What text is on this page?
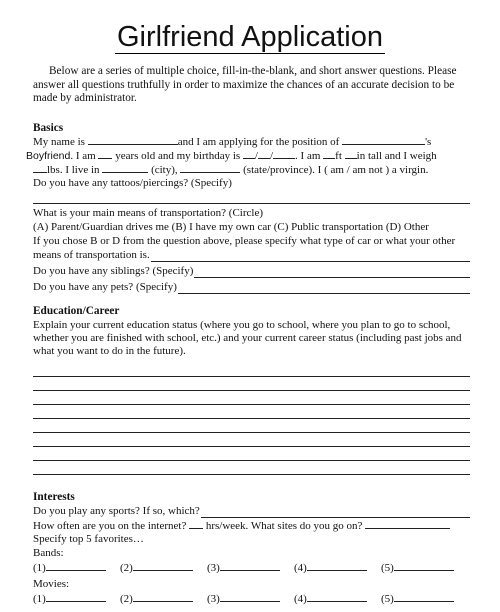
Girlfriend Application
Below are a series of multiple choice, fill-in-the-blank, and short answer questions. Please answer all questions truthfully in order to maximize the chances of an accurate decision to be made by administrator.
Basics
My name is	and I am applying for the position of	's
Boyfriend. I am years old and my birthday is / / . I am ft in tall and I weigh
lbs. I live in	(city),	(state/province). I ( am / am not ) a virgin.
Do you have any tattoos/piercings? (Specify)
What is your main means of transportation? (Circle)
(A) Parent/Guardian drives me (B) I have my own car (C) Public transportation (D) Other
If you chose B or D from the question above, please specify what type of car or what your other
means of transportation is.
Do you have any siblings? (Specify)
Do you have any pets? (Specify)
Education/Career
Explain your current education status (where you go to school, where you plan to go to school, whether you are finished with school, etc.) and your current career status (including past jobs and what you want to do in the future).
Interests
Do you play any sports? If so, which?
How often are you on the internet? hrs/week. What sites do you go on?
Specify top 5 favorites…
Bands:
(1)	(2)	(3)	(4)	(5)
Movies:
(1)	(2)	(3)	(4)	(5)
